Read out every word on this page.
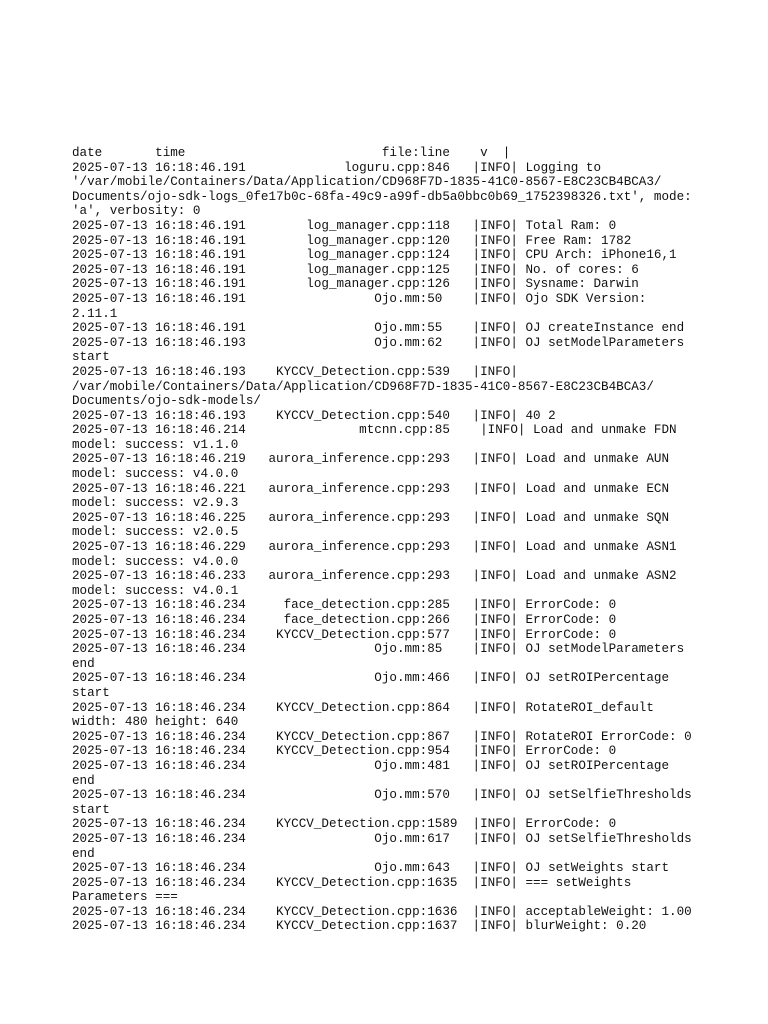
date       time                          file:line    v  |
2025-07-13 16:18:46.191             loguru.cpp:846   |INFO| Logging to
'/var/mobile/Containers/Data/Application/CD968F7D-1835-41C0-8567-E8C23CB4BCA3/
Documents/ojo-sdk-logs_0fe17b0c-68fa-49c9-a99f-db5a0bbc0b69_1752398326.txt', mode:
'a', verbosity: 0
2025-07-13 16:18:46.191        log_manager.cpp:118   |INFO| Total Ram: 0
2025-07-13 16:18:46.191        log_manager.cpp:120   |INFO| Free Ram: 1782
2025-07-13 16:18:46.191        log_manager.cpp:124   |INFO| CPU Arch: iPhone16,1
2025-07-13 16:18:46.191        log_manager.cpp:125   |INFO| No. of cores: 6
2025-07-13 16:18:46.191        log_manager.cpp:126   |INFO| Sysname: Darwin
2025-07-13 16:18:46.191                 Ojo.mm:50    |INFO| Ojo SDK Version:
2.11.1
2025-07-13 16:18:46.191                 Ojo.mm:55    |INFO| OJ createInstance end
2025-07-13 16:18:46.193                 Ojo.mm:62    |INFO| OJ setModelParameters
start
2025-07-13 16:18:46.193    KYCCV_Detection.cpp:539   |INFO|
/var/mobile/Containers/Data/Application/CD968F7D-1835-41C0-8567-E8C23CB4BCA3/
Documents/ojo-sdk-models/
2025-07-13 16:18:46.193    KYCCV_Detection.cpp:540   |INFO| 40 2
2025-07-13 16:18:46.214               mtcnn.cpp:85    |INFO| Load and unmake FDN
model: success: v1.1.0
2025-07-13 16:18:46.219   aurora_inference.cpp:293   |INFO| Load and unmake AUN
model: success: v4.0.0
2025-07-13 16:18:46.221   aurora_inference.cpp:293   |INFO| Load and unmake ECN
model: success: v2.9.3
2025-07-13 16:18:46.225   aurora_inference.cpp:293   |INFO| Load and unmake SQN
model: success: v2.0.5
2025-07-13 16:18:46.229   aurora_inference.cpp:293   |INFO| Load and unmake ASN1
model: success: v4.0.0
2025-07-13 16:18:46.233   aurora_inference.cpp:293   |INFO| Load and unmake ASN2
model: success: v4.0.1
2025-07-13 16:18:46.234     face_detection.cpp:285   |INFO| ErrorCode: 0
2025-07-13 16:18:46.234     face_detection.cpp:266   |INFO| ErrorCode: 0
2025-07-13 16:18:46.234    KYCCV_Detection.cpp:577   |INFO| ErrorCode: 0
2025-07-13 16:18:46.234                 Ojo.mm:85    |INFO| OJ setModelParameters
end
2025-07-13 16:18:46.234                 Ojo.mm:466   |INFO| OJ setROIPercentage
start
2025-07-13 16:18:46.234    KYCCV_Detection.cpp:864   |INFO| RotateROI_default
width: 480 height: 640
2025-07-13 16:18:46.234    KYCCV_Detection.cpp:867   |INFO| RotateROI ErrorCode: 0
2025-07-13 16:18:46.234    KYCCV_Detection.cpp:954   |INFO| ErrorCode: 0
2025-07-13 16:18:46.234                 Ojo.mm:481   |INFO| OJ setROIPercentage
end
2025-07-13 16:18:46.234                 Ojo.mm:570   |INFO| OJ setSelfieThresholds
start
2025-07-13 16:18:46.234    KYCCV_Detection.cpp:1589  |INFO| ErrorCode: 0
2025-07-13 16:18:46.234                 Ojo.mm:617   |INFO| OJ setSelfieThresholds
end
2025-07-13 16:18:46.234                 Ojo.mm:643   |INFO| OJ setWeights start
2025-07-13 16:18:46.234    KYCCV_Detection.cpp:1635  |INFO| === setWeights
Parameters ===
2025-07-13 16:18:46.234    KYCCV_Detection.cpp:1636  |INFO| acceptableWeight: 1.00
2025-07-13 16:18:46.234    KYCCV_Detection.cpp:1637  |INFO| blurWeight: 0.20
